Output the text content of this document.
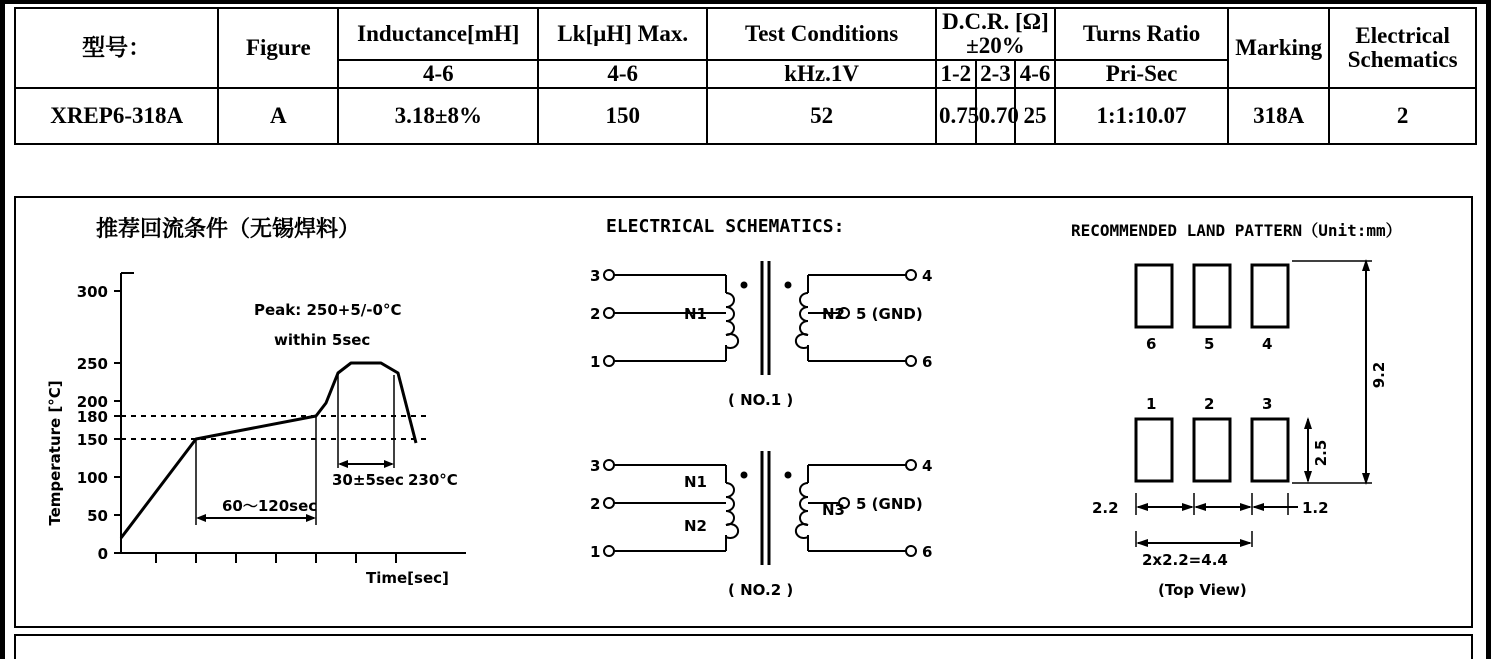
型号：	Figure	Inductance[mH]	Lk[µH] Max.	Test Conditions	D.C.R. [Ω] ±20%			Turns Ratio	Marking	Electrical Schematics
		4-6	4-6	kHz.1V	1-2	2-3	4-6	Pri-Sec		
XREP6-318A	A	3.18±8%	150	52	0.75	0.70	25	1:1:10.07	318A	2
推荐回流条件（无锡焊料）	ELECTRICAL SCHEMATICS:	RECOMMENDED LAND PATTERN（Unit:mm）
0
50
100
150
180
200
250
300
Temperature [°C]	60～120sec
30±5sec 230°C
Peak: 250+5/-0°C
within 5sec
Time[sec]
3
2
1
4
5 (GND)
6
N1	N2
( NO.1 )
3
2
1
4
5 (GND)
6
N1
N2
N3
( NO.2 )
6	5	4
1	2	3
9.2
2.5
2.2	1.2
2x2.2=4.4
(Top View)
